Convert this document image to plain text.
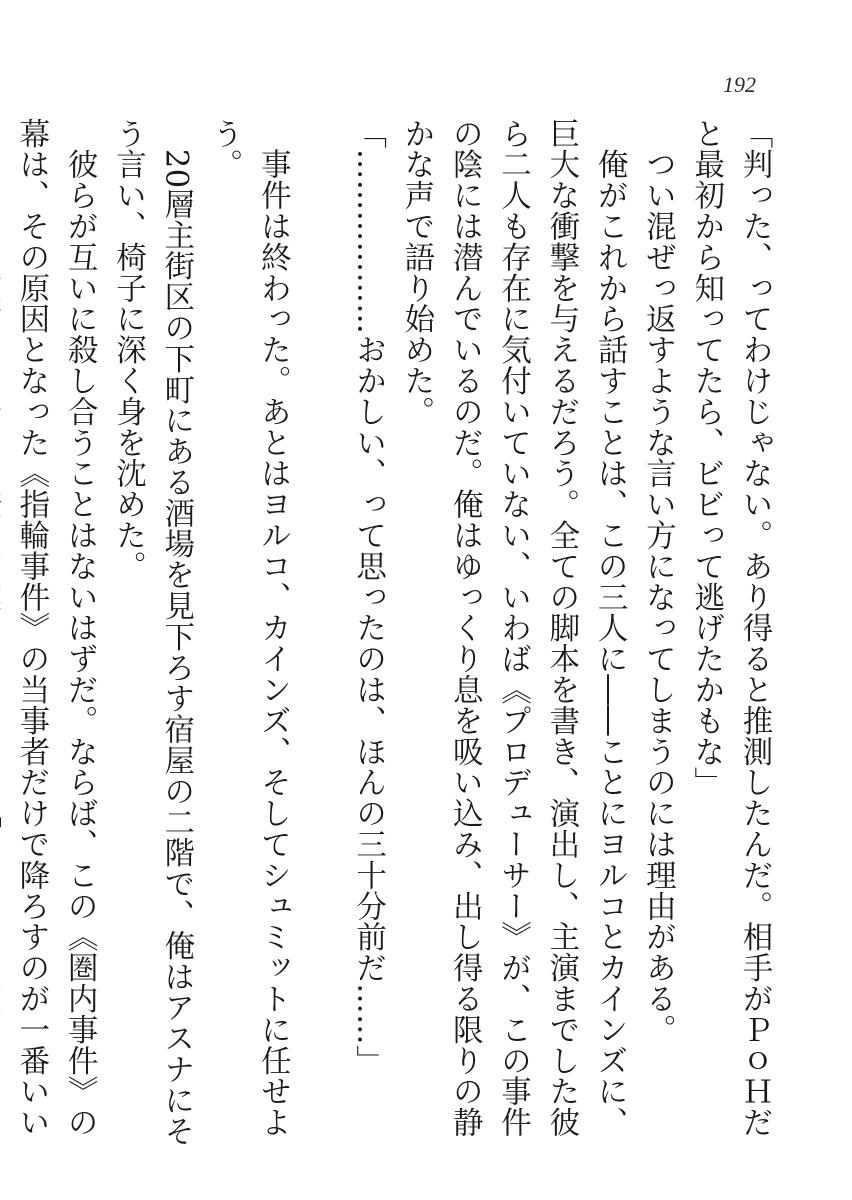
192

「判った、ってわけじゃない。あり得ると推測したんだ。相手がＰｏＨだと最初から知ってたら、ビビって逃げたかもな」

　つい混ぜっ返すような言い方になってしまうのには理由がある。

　俺がこれから話すことは、この三人に――ことにヨルコとカインズに、巨大な衝撃を与えるだろう。全ての脚本を書き、演出し、主演までした彼ら二人も存在に気付いていない、いわば《プロデューサー》が、この事件の陰には潜んでいるのだ。俺はゆっくり息を吸い込み、出し得る限りの静かな声で語り始めた。

「………………おかしい、って思ったのは、ほんの三十分前だ……」

　事件は終わった。あとはヨルコ、カインズ、そしてシュミットに任せよう。

　20層主街区の下町にある酒場を見下ろす宿屋の二階で、俺はアスナにそう言い、椅子に深く身を沈めた。

　彼らが互いに殺し合うことはないはずだ。ならば、この《圏内事件》の幕は、その原因となった《指輪事件》の当事者だけで降ろすのが一番いい
